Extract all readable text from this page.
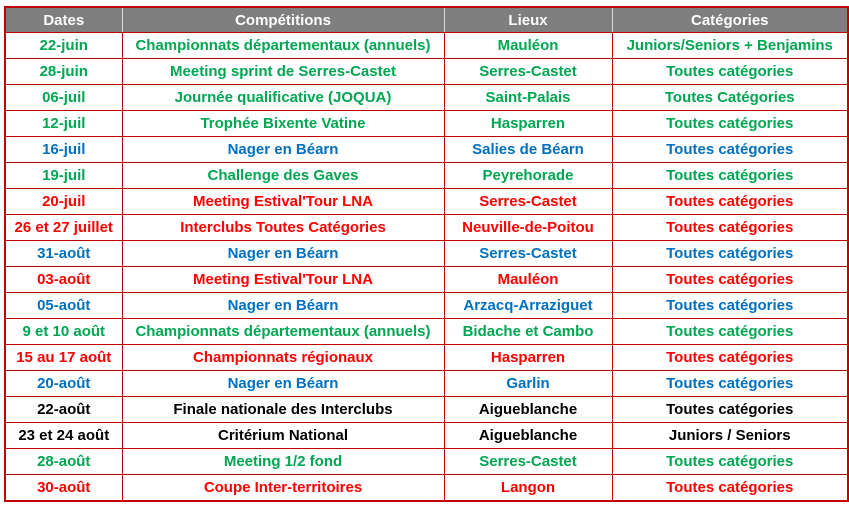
Dates	Compétitions	Lieux	Catégories
22-juin	Championnats départementaux (annuels)	Mauléon	Juniors/Seniors + Benjamins
28-juin	Meeting sprint de Serres-Castet	Serres-Castet	Toutes catégories
06-juil	Journée qualificative (JOQUA)	Saint-Palais	Toutes Catégories
12-juil	Trophée Bixente Vatine	Hasparren	Toutes catégories
16-juil	Nager en Béarn	Salies de Béarn	Toutes catégories
19-juil	Challenge des Gaves	Peyrehorade	Toutes catégories
20-juil	Meeting Estival'Tour LNA	Serres-Castet	Toutes catégories
26 et 27 juillet	Interclubs Toutes Catégories	Neuville-de-Poitou	Toutes catégories
31-août	Nager en Béarn	Serres-Castet	Toutes catégories
03-août	Meeting Estival'Tour LNA	Mauléon	Toutes catégories
05-août	Nager en Béarn	Arzacq-Arraziguet	Toutes catégories
9 et 10 août	Championnats départementaux (annuels)	Bidache et Cambo	Toutes catégories
15 au 17 août	Championnats régionaux	Hasparren	Toutes catégories
20-août	Nager en Béarn	Garlin	Toutes catégories
22-août	Finale nationale des Interclubs	Aigueblanche	Toutes catégories
23 et 24 août	Critérium National	Aigueblanche	Juniors / Seniors
28-août	Meeting 1/2 fond	Serres-Castet	Toutes catégories
30-août	Coupe Inter-territoires	Langon	Toutes catégories
